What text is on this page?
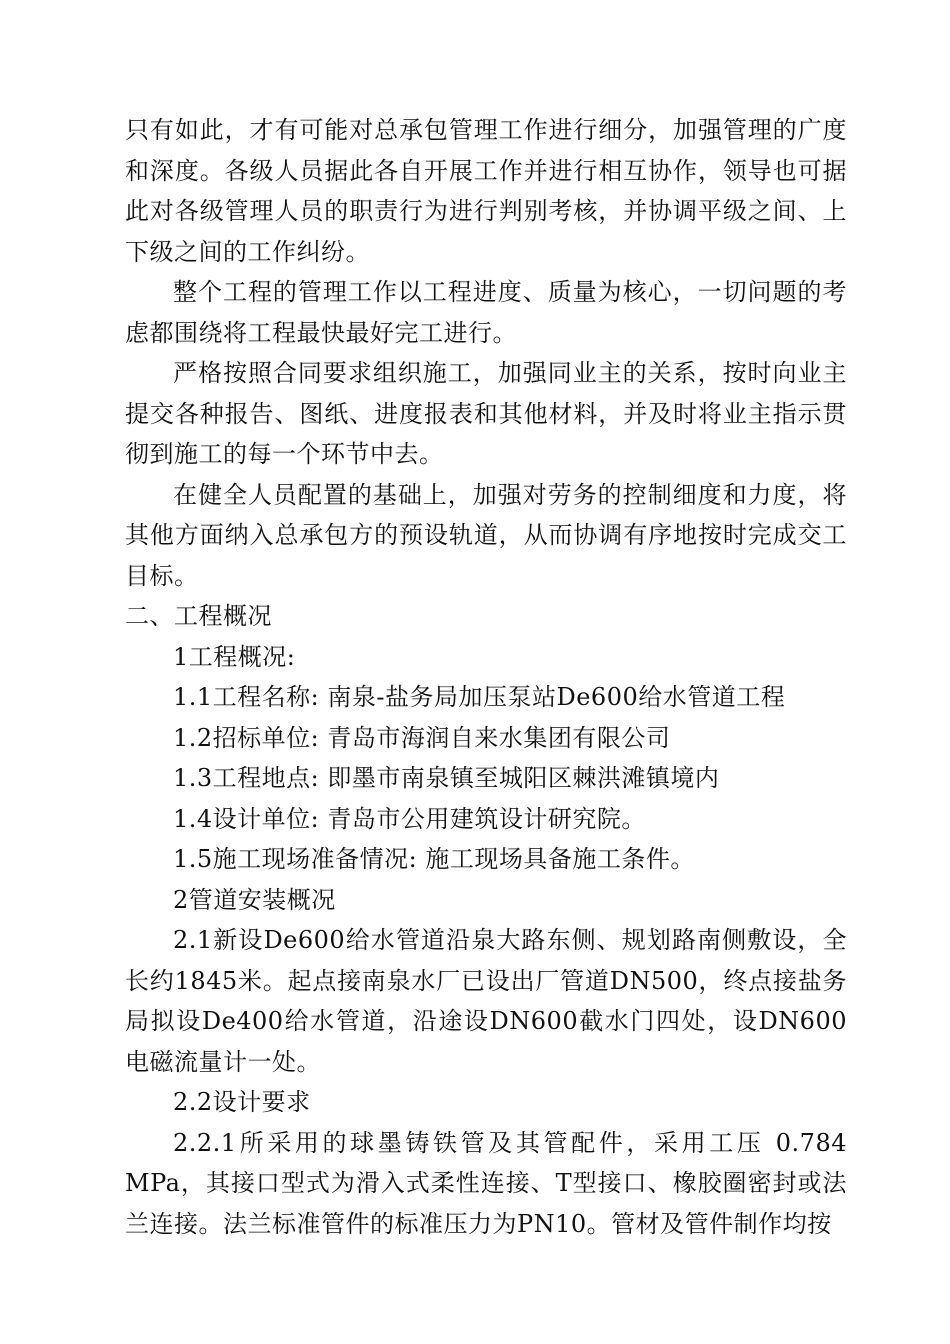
只有如此，才有可能对总承包管理工作进行细分，加强管理的广度和深度。各级人员据此各自开展工作并进行相互协作，领导也可据此对各级管理人员的职责行为进行判别考核，并协调平级之间、上下级之间的工作纠纷。

整个工程的管理工作以工程进度、质量为核心，一切问题的考虑都围绕将工程最快最好完工进行。

严格按照合同要求组织施工，加强同业主的关系，按时向业主提交各种报告、图纸、进度报表和其他材料，并及时将业主指示贯彻到施工的每一个环节中去。

在健全人员配置的基础上，加强对劳务的控制细度和力度，将其他方面纳入总承包方的预设轨道，从而协调有序地按时完成交工目标。

二、工程概况

1工程概况:

1.1工程名称: 南泉-盐务局加压泵站De600给水管道工程

1.2招标单位: 青岛市海润自来水集团有限公司

1.3工程地点: 即墨市南泉镇至城阳区棘洪滩镇境内

1.4设计单位: 青岛市公用建筑设计研究院。

1.5施工现场准备情况: 施工现场具备施工条件。

2管道安装概况

2.1新设De600给水管道沿泉大路东侧、规划路南侧敷设，全长约1845米。起点接南泉水厂已设出厂管道DN500，终点接盐务局拟设De400给水管道，沿途设DN600截水门四处，设DN600电磁流量计一处。

2.2设计要求

2.2.1所采用的球墨铸铁管及其管配件，采用工压 0.784 MPa，其接口型式为滑入式柔性连接、T型接口、橡胶圈密封或法兰连接。法兰标准管件的标准压力为PN10。管材及管件制作均按
